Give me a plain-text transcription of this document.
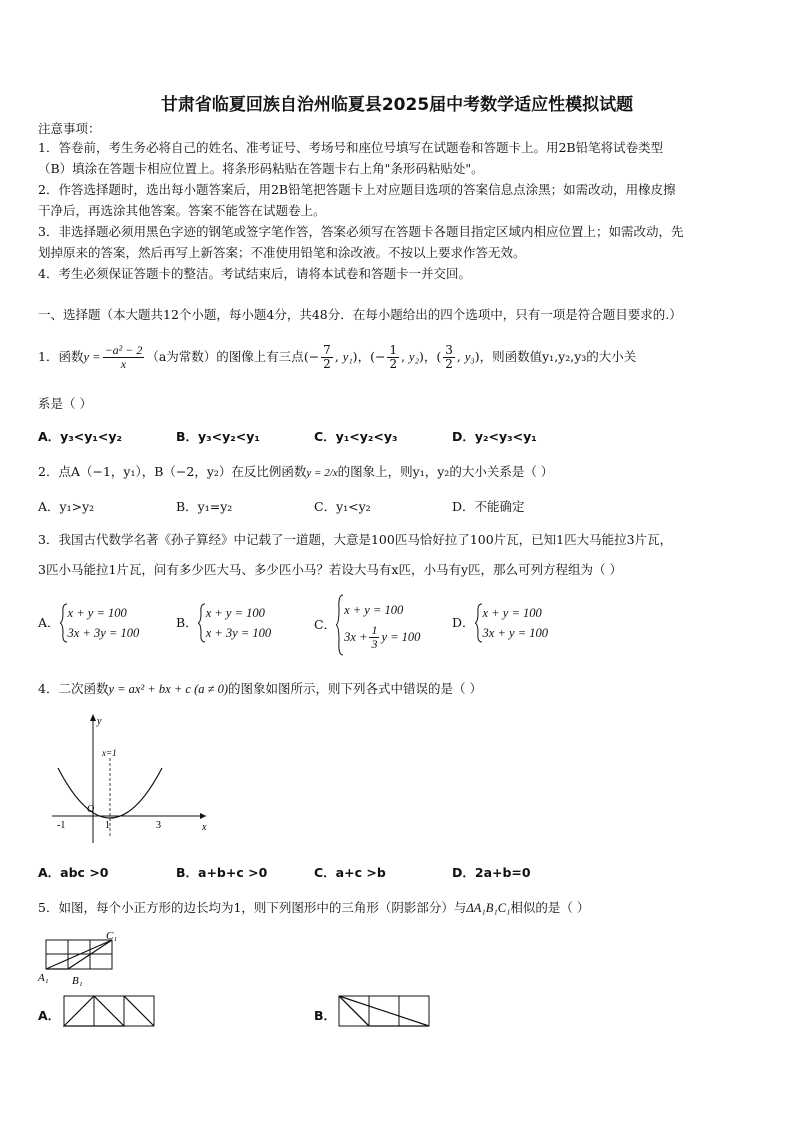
甘肃省临夏回族自治州临夏县2025届中考数学适应性模拟试题
注意事项：
1．答卷前，考生务必将自己的姓名、准考证号、考场号和座位号填写在试题卷和答题卡上。用2B铅笔将试卷类型
（B）填涂在答题卡相应位置上。将条形码粘贴在答题卡右上角"条形码粘贴处"。
2．作答选择题时，选出每小题答案后，用2B铅笔把答题卡上对应题目选项的答案信息点涂黑；如需改动，用橡皮擦
干净后，再选涂其他答案。答案不能答在试题卷上。
3．非选择题必须用黑色字迹的钢笔或签字笔作答，答案必须写在答题卡各题目指定区域内相应位置上；如需改动，先
划掉原来的答案，然后再写上新答案；不准使用铅笔和涂改液。不按以上要求作答无效。
4．考生必须保证答题卡的整洁。考试结束后，请将本试卷和答题卡一并交回。
一、选择题（本大题共12个小题，每小题4分，共48分．在每小题给出的四个选项中，只有一项是符合题目要求的.）
1．函数 $y = \frac{\text{−a² − 2}}{x} (a$为常数）的图像上有三点 (− $\frac{7}{2}$ , y₁) ， (− $\frac{1}{2}$ , y₂) ， ( $\frac{3}{2}$ , y₃) ，则函数值y₁,y₂,y₃的大小关
系是（ ）
A．y₃<y₁<y₂	B．y₃<y₂<y₁	C．y₁<y₂<y₃	D．y₂<y₃<y₁
2．点A（−1，y₁），B（−2，y₂）在反比例函数y = 2/x的图象上，则y₁，y₂的大小关系是（ ）
A．y₁>y₂	B．y₁=y₂	C．y₁<y₂	D．不能确定
3．我国古代数学名著《孙子算经》中记载了一道题，大意是100匹马恰好拉了100片瓦，已知1匹大马能拉3片瓦，
3匹小马能拉1片瓦，问有多少匹大马、多少匹小马？若设大马有x匹，小马有y匹，那么可列方程组为（ ）
A．
x + y = 100
3x + 3y = 100
B．
x + y = 100
x + 3y = 100
C．
x + y = 100
$3x + \frac{1}{3}$ y = 100
D．
x + y = 100
3x + y = 100
4．二次函数y = ax² + bx + c (a ≠ 0)的图象如图所示，则下列各式中错误的是（ ）
x
y
O
x=1
-1	1	3
A．abc >0	B．a+b+c >0	C．a+c >b	D．2a+b=0
5．如图，每个小正方形的边长均为1，则下列图形中的三角形（阴影部分）与ΔA₁B₁C₁相似的是（ ）
C₁
A₁ B₁
A．	B．
